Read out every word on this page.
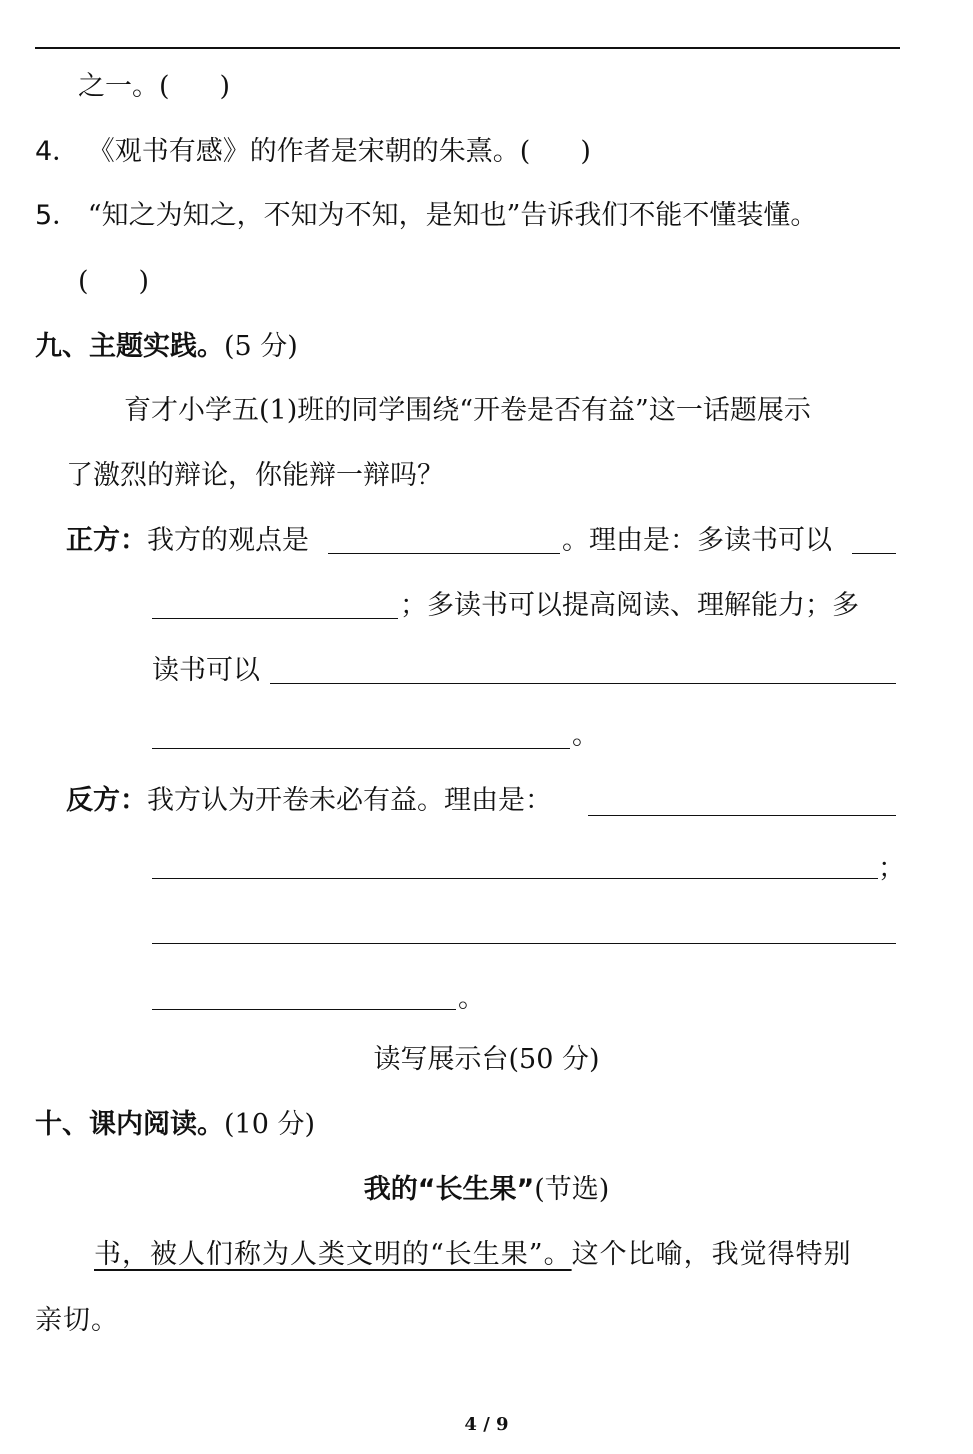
之一。( )
4． 《观书有感》的作者是宋朝的朱熹。( )
5． “知之为知之，不知为不知，是知也”告诉我们不能不懂装懂。
( )
九、主题实践。(5 分)
育才小学五(1)班的同学围绕“开卷是否有益”这一话题展示
了激烈的辩论，你能辩一辩吗？
正方：我方的观点是	。理由是：多读书可以
；多读书可以提高阅读、理解能力；多
读书可以
。
反方：我方认为开卷未必有益。理由是：
；
。
读写展示台(50 分)
十、课内阅读。(10 分)
我的“长生果”(节选)
书，被人们称为人类文明的“长生果”。这个比喻，我觉得特别
亲切。
4 / 9
